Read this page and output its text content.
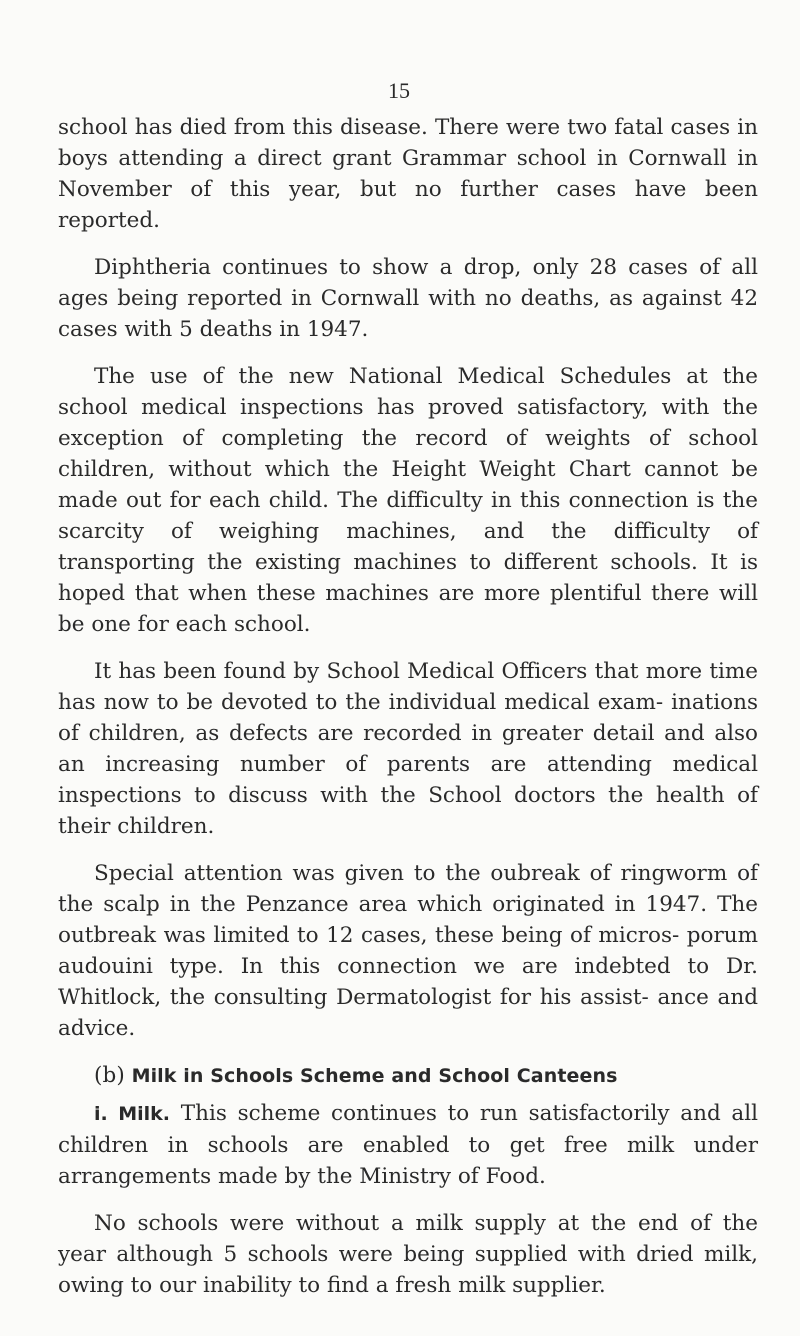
15

school has died from this disease. There were two fatal cases in boys attending a direct grant Grammar school in Cornwall in November of this year, but no further cases have been reported.

Diphtheria continues to show a drop, only 28 cases of all ages being reported in Cornwall with no deaths, as against 42 cases with 5 deaths in 1947.

The use of the new National Medical Schedules at the school medical inspections has proved satisfactory, with the exception of completing the record of weights of school children, without which the Height Weight Chart cannot be made out for each child. The difficulty in this connection is the scarcity of weighing machines, and the difficulty of transporting the existing machines to different schools. It is hoped that when these machines are more plentiful there will be one for each school.

It has been found by School Medical Officers that more time has now to be devoted to the individual medical exam- inations of children, as defects are recorded in greater detail and also an increasing number of parents are attending medical inspections to discuss with the School doctors the health of their children.

Special attention was given to the oubreak of ringworm of the scalp in the Penzance area which originated in 1947. The outbreak was limited to 12 cases, these being of micros- porum audouini type. In this connection we are indebted to Dr. Whitlock, the consulting Dermatologist for his assist- ance and advice.

(b) Milk in Schools Scheme and School Canteens

i. Milk. This scheme continues to run satisfactorily and all children in schools are enabled to get free milk under arrangements made by the Ministry of Food.

No schools were without a milk supply at the end of the year although 5 schools were being supplied with dried milk, owing to our inability to find a fresh milk supplier.
